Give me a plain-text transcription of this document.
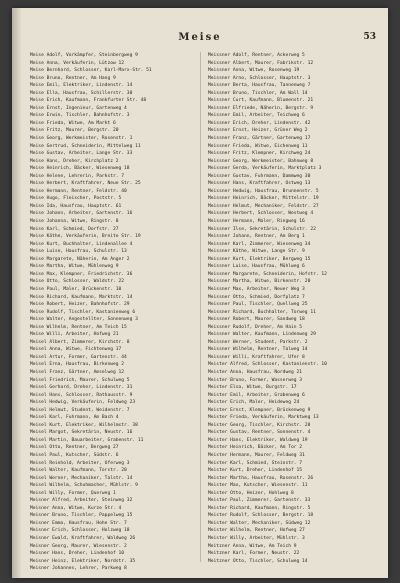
Meise	53
Meise Adolf, Vorkämpfer, Steinbergweg 9
Meise Anna, Verkäuferin, Lützow 12
Meise Bernhard, Schlosser, Karl-Marx-Str. 51
Meise Bruno, Rentner, Am Hang 9
Meise Emil, Elektriker, Lindenstr. 14
Meise Ella, Hausfrau, Schillerstr. 30
Meise Erich, Kaufmann, Frankfurter Str. 48
Meise Ernst, Ingenieur, Gartenweg 4
Meise Erwin, Tischler, Bahnhofstr. 3
Meise Frieda, Witwe, Am Markt 6
Meise Fritz, Maurer, Bergstr. 20
Meise Georg, Werkmeister, Rosenstr. 1
Meise Gertrud, Schneiderin, Mittelweg 11
Meise Gustav, Arbeiter, Lange Str. 33
Meise Hans, Dreher, Kirchplatz 2
Meise Heinrich, Bäcker, Wiesenweg 18
Meise Helene, Lehrerin, Parkstr. 7
Meise Herbert, Kraftfahrer, Neue Str. 25
Meise Hermann, Rentner, Feldstr. 40
Meise Hugo, Fleischer, Poststr. 5
Meise Ida, Hausfrau, Hauptstr. 61
Meise Johann, Arbeiter, Gartenstr. 16
Meise Johanna, Witwe, Ringstr. 8
Meise Karl, Schmied, Dorfstr. 27
Meise Käthe, Verkäuferin, Breite Str. 19
Meise Kurt, Buchhalter, Lindenallee 4
Meise Luise, Hausfrau, Schulstr. 13
Meise Margarete, Näherin, Am Anger 2
Meise Martha, Witwe, Mühlenweg 9
Meise Max, Klempner, Friedrichstr. 36
Meise Otto, Schlosser, Waldstr. 22
Meise Paul, Maler, Brückenstr. 10
Meise Richard, Kaufmann, Marktstr. 14
Meise Robert, Heizer, Bahnhofstr. 29
Meise Rudolf, Tischler, Kastanienweg 6
Meise Walter, Angestellter, Sonnenweg 3
Meise Wilhelm, Rentner, Am Teich 15
Meise Willi, Arbeiter, Hofweg 21
Meisel Albert, Zimmerer, Kirchstr. 8
Meisel Anna, Witwe, Fichtenweg 17
Meisel Artur, Former, Gartenstr. 44
Meisel Erna, Hausfrau, Birkenweg 2
Meisel Franz, Gärtner, Amselweg 12
Meisel Friedrich, Maurer, Schulweg 5
Meisel Gerhard, Dreher, Lindenstr. 31
Meisel Hans, Schlosser, Rathausstr. 9
Meisel Hedwig, Verkäuferin, Feldweg 23
Meisel Helmut, Student, Weidenstr. 7
Meisel Karl, Fuhrmann, Am Bach 4
Meisel Kurt, Elektriker, Wilhelmstr. 38
Meisel Margot, Sekretärin, Neustr. 16
Meisel Martin, Bauarbeiter, Grabenstr. 11
Meisel Otto, Rentner, Bergweg 27
Meisel Paul, Kutscher, Südstr. 6
Meisel Reinhold, Arbeiter, Uferweg 3
Meisel Walter, Kaufmann, Torstr. 20
Meisel Werner, Mechaniker, Talstr. 14
Meisel Wilhelm, Schuhmacher, Mühlstr. 9
Meisel Willy, Former, Querweg 1
Meisner Alfred, Arbeiter, Steinweg 32
Meisner Anna, Witwe, Kurze Str. 4
Meisner Bruno, Tischler, Pappelweg 15
Meisner Emma, Hausfrau, Hohe Str. 7
Meisner Erich, Schlosser, Holzweg 18
Meisner Ewald, Kraftfahrer, Waldweg 26
Meisner Georg, Maurer, Wiesenstr. 2
Meisner Hans, Dreher, Lindenhof 10
Meisner Heinz, Elektriker, Nordstr. 35
Meisner Johannes, Lehrer, Parkweg 8
Meissner Adolf, Rentner, Ackerweg 5
Meissner Albert, Maurer, Fabrikstr. 12
Meissner Anna, Witwe, Rosenweg 19
Meissner Arno, Schlosser, Hauptstr. 3
Meissner Berta, Hausfrau, Tannenweg 7
Meissner Bruno, Tischler, Am Wall 14
Meissner Curt, Kaufmann, Blumenstr. 21
Meissner Elfriede, Näherin, Bergstr. 9
Meissner Emil, Arbeiter, Teichweg 6
Meissner Erich, Dreher, Lindenstr. 42
Meissner Ernst, Heizer, Grüner Weg 2
Meissner Franz, Gärtner, Gartenweg 17
Meissner Frieda, Witwe, Eichenweg 11
Meissner Fritz, Klempner, Kirchweg 24
Meissner Georg, Werkmeister, Bahnweg 8
Meissner Gerda, Verkäuferin, Marktplatz 3
Meissner Gustav, Fuhrmann, Dammweg 30
Meissner Hans, Kraftfahrer, Ostweg 13
Meissner Hedwig, Hausfrau, Brunnenstr. 5
Meissner Heinrich, Bäcker, Mittelstr. 19
Meissner Helmut, Mechaniker, Feldstr. 27
Meissner Herbert, Schlosser, Westweg 4
Meissner Hermann, Maler, Ringweg 16
Meissner Ilse, Sekretärin, Schulstr. 22
Meissner Johann, Rentner, Am Berg 1
Meissner Karl, Zimmerer, Wiesenweg 34
Meissner Käthe, Witwe, Lange Str. 9
Meissner Kurt, Elektriker, Bergweg 15
Meissner Luise, Hausfrau, Mühlweg 6
Meissner Margarete, Schneiderin, Hofstr. 12
Meissner Martha, Witwe, Birkenstr. 20
Meissner Max, Arbeiter, Neuer Weg 3
Meissner Otto, Schmied, Dorfplatz 7
Meissner Paul, Tischler, Quellweg 25
Meissner Richard, Buchhalter, Torweg 11
Meissner Robert, Maurer, Sandweg 18
Meissner Rudolf, Dreher, Am Hain 5
Meissner Walter, Kaufmann, Lindenweg 29
Meissner Werner, Student, Parkstr. 2
Meissner Wilhelm, Rentner, Talweg 14
Meissner Willi, Kraftfahrer, Ufer 8
Meister Alfred, Schlosser, Kastanienstr. 10
Meister Anna, Hausfrau, Nordweg 21
Meister Bruno, Former, Wasserweg 3
Meister Elsa, Witwe, Burgstr. 17
Meister Emil, Arbeiter, Grabenweg 6
Meister Erich, Maler, Heideweg 24
Meister Ernst, Klempner, Brückenweg 9
Meister Frieda, Verkäuferin, Marktweg 13
Meister Georg, Tischler, Kirchstr. 28
Meister Gustav, Rentner, Sonnenstr. 4
Meister Hans, Elektriker, Waldweg 19
Meister Heinrich, Bäcker, Am Tor 2
Meister Hermann, Maurer, Feldweg 31
Meister Karl, Schmied, Steinstr. 7
Meister Kurt, Dreher, Lindenhof 15
Meister Martha, Hausfrau, Rosenstr. 26
Meister Max, Kutscher, Wiesenstr. 11
Meister Otto, Heizer, Hohlweg 8
Meister Paul, Zimmerer, Gartenstr. 33
Meister Richard, Kaufmann, Ringstr. 5
Meister Rudolf, Schlosser, Bergstr. 18
Meister Walter, Mechaniker, Südweg 12
Meister Wilhelm, Rentner, Hofweg 27
Meister Willy, Arbeiter, Mühlstr. 3
Meitzner Anna, Witwe, Am Teich 9
Meitzner Karl, Former, Neustr. 22
Meitzner Otto, Tischler, Schulweg 14
